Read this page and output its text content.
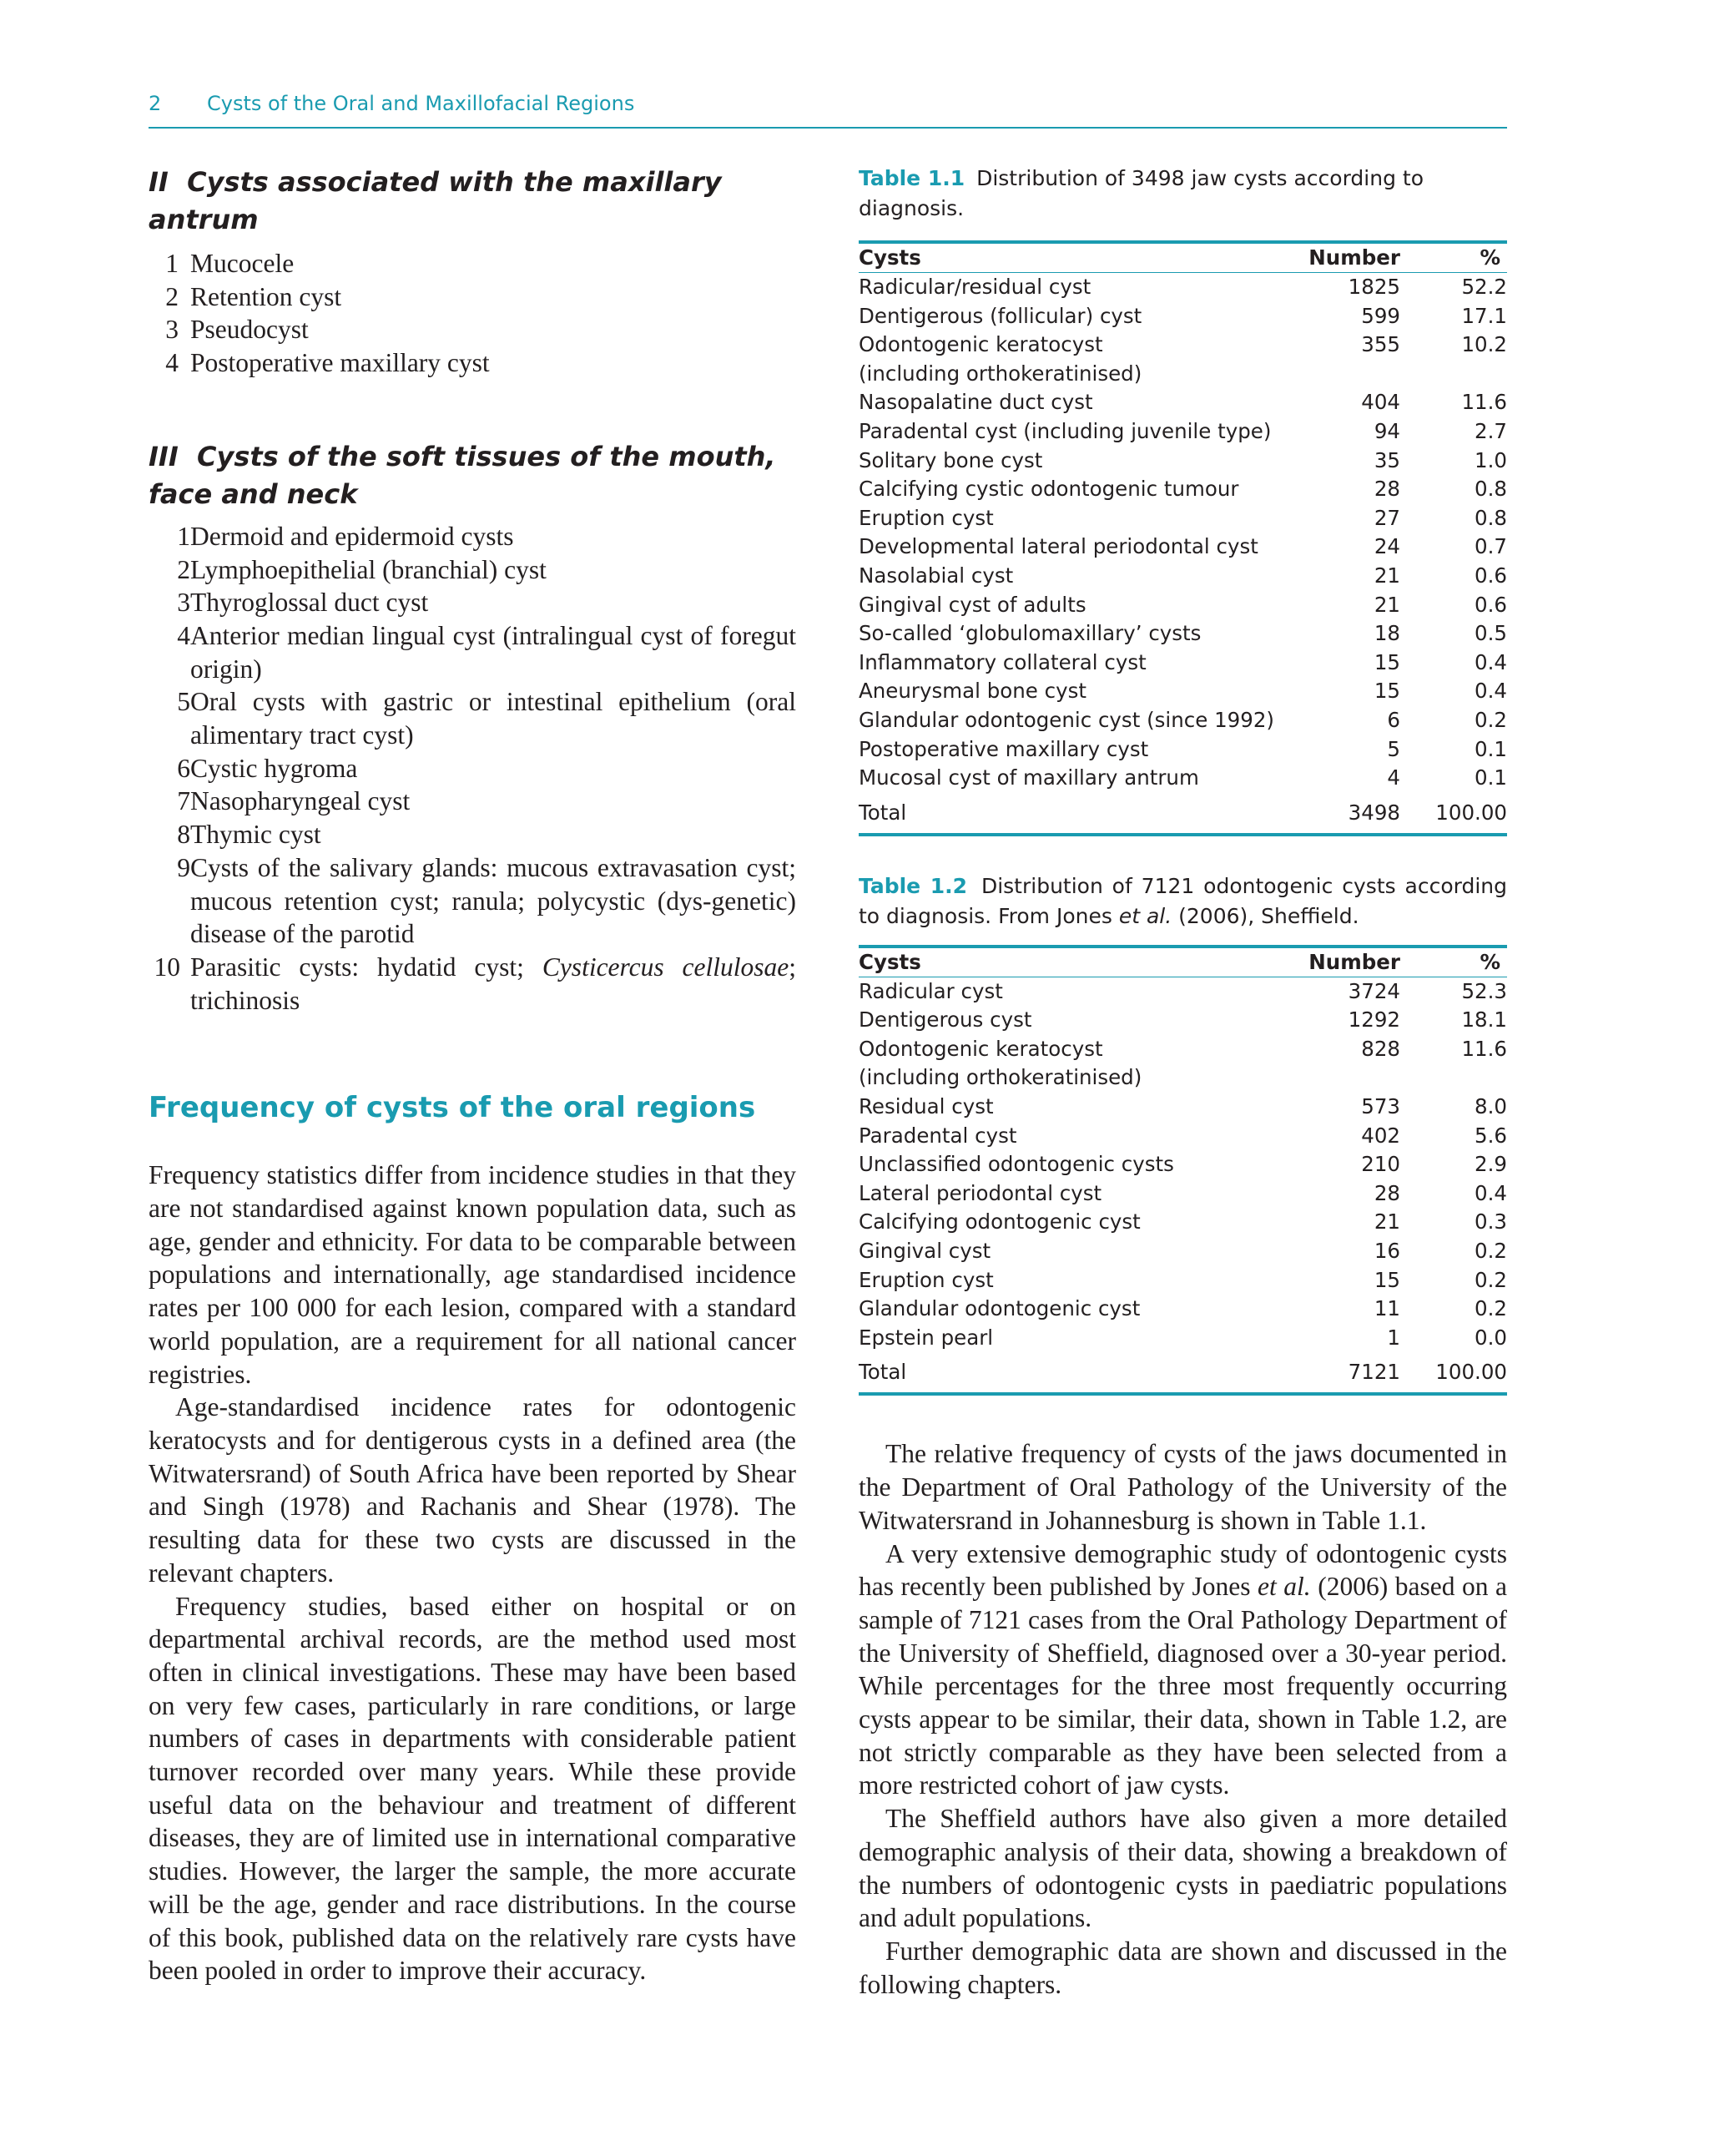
2 Cysts of the Oral and Maxillofacial Regions
II Cysts associated with the maxillary antrum
1 Mucocele
2 Retention cyst
3 Pseudocyst
4 Postoperative maxillary cyst
III Cysts of the soft tissues of the mouth, face and neck
1 Dermoid and epidermoid cysts
2 Lymphoepithelial (branchial) cyst
3 Thyroglossal duct cyst
4 Anterior median lingual cyst (intralingual cyst of foregut origin)
5 Oral cysts with gastric or intestinal epithelium (oral alimentary tract cyst)
6 Cystic hygroma
7 Nasopharyngeal cyst
8 Thymic cyst
9 Cysts of the salivary glands: mucous extravasation cyst; mucous retention cyst; ranula; polycystic (dys-genetic) disease of the parotid
10 Parasitic cysts: hydatid cyst; Cysticercus cellulosae; trichinosis
Frequency of cysts of the oral regions

Frequency statistics differ from incidence studies in that they are not standardised against known population data, such as age, gender and ethnicity. For data to be comparable between populations and internationally, age standardised incidence rates per 100 000 for each lesion, compared with a standard world population, are a requirement for all national cancer registries.

Age-standardised incidence rates for odontogenic keratocysts and for dentigerous cysts in a defined area (the Witwatersrand) of South Africa have been reported by Shear and Singh (1978) and Rachanis and Shear (1978). The resulting data for these two cysts are discussed in the relevant chapters.

Frequency studies, based either on hospital or on departmental archival records, are the method used most often in clinical investigations. These may have been based on very few cases, particularly in rare conditions, or large numbers of cases in departments with considerable patient turnover recorded over many years. While these provide useful data on the behaviour and treatment of different diseases, they are of limited use in international comparative studies. However, the larger the sample, the more accurate will be the age, gender and race distributions. In the course of this book, published data on the relatively rare cysts have been pooled in order to improve their accuracy.

Table 1.1 Distribution of 3498 jaw cysts according to diagnosis.

Cysts	Number	%
Radicular/residual cyst	1825	52.2
Dentigerous (follicular) cyst	599	17.1
Odontogenic keratocyst	355	10.2
(including orthokeratinised)		
Nasopalatine duct cyst	404	11.6
Paradental cyst (including juvenile type)	94	2.7
Solitary bone cyst	35	1.0
Calcifying cystic odontogenic tumour	28	0.8
Eruption cyst	27	0.8
Developmental lateral periodontal cyst	24	0.7
Nasolabial cyst	21	0.6
Gingival cyst of adults	21	0.6
So-called ‘globulomaxillary’ cysts	18	0.5
Inflammatory collateral cyst	15	0.4
Aneurysmal bone cyst	15	0.4
Glandular odontogenic cyst (since 1992)	6	0.2
Postoperative maxillary cyst	5	0.1
Mucosal cyst of maxillary antrum	4	0.1
Total	3498	100.00

Table 1.2 Distribution of 7121 odontogenic cysts according to diagnosis. From Jones et al. (2006), Sheffield.

Cysts	Number	%
Radicular cyst	3724	52.3
Dentigerous cyst	1292	18.1
Odontogenic keratocyst	828	11.6
(including orthokeratinised)		
Residual cyst	573	8.0
Paradental cyst	402	5.6
Unclassified odontogenic cysts	210	2.9
Lateral periodontal cyst	28	0.4
Calcifying odontogenic cyst	21	0.3
Gingival cyst	16	0.2
Eruption cyst	15	0.2
Glandular odontogenic cyst	11	0.2
Epstein pearl	1	0.0
Total	7121	100.00

The relative frequency of cysts of the jaws documented in the Department of Oral Pathology of the University of the Witwatersrand in Johannesburg is shown in Table 1.1.

A very extensive demographic study of odontogenic cysts has recently been published by Jones et al. (2006) based on a sample of 7121 cases from the Oral Pathology Department of the University of Sheffield, diagnosed over a 30-year period. While percentages for the three most frequently occurring cysts appear to be similar, their data, shown in Table 1.2, are not strictly comparable as they have been selected from a more restricted cohort of jaw cysts.

The Sheffield authors have also given a more detailed demographic analysis of their data, showing a breakdown of the numbers of odontogenic cysts in paediatric populations and adult populations.

Further demographic data are shown and discussed in the following chapters.
